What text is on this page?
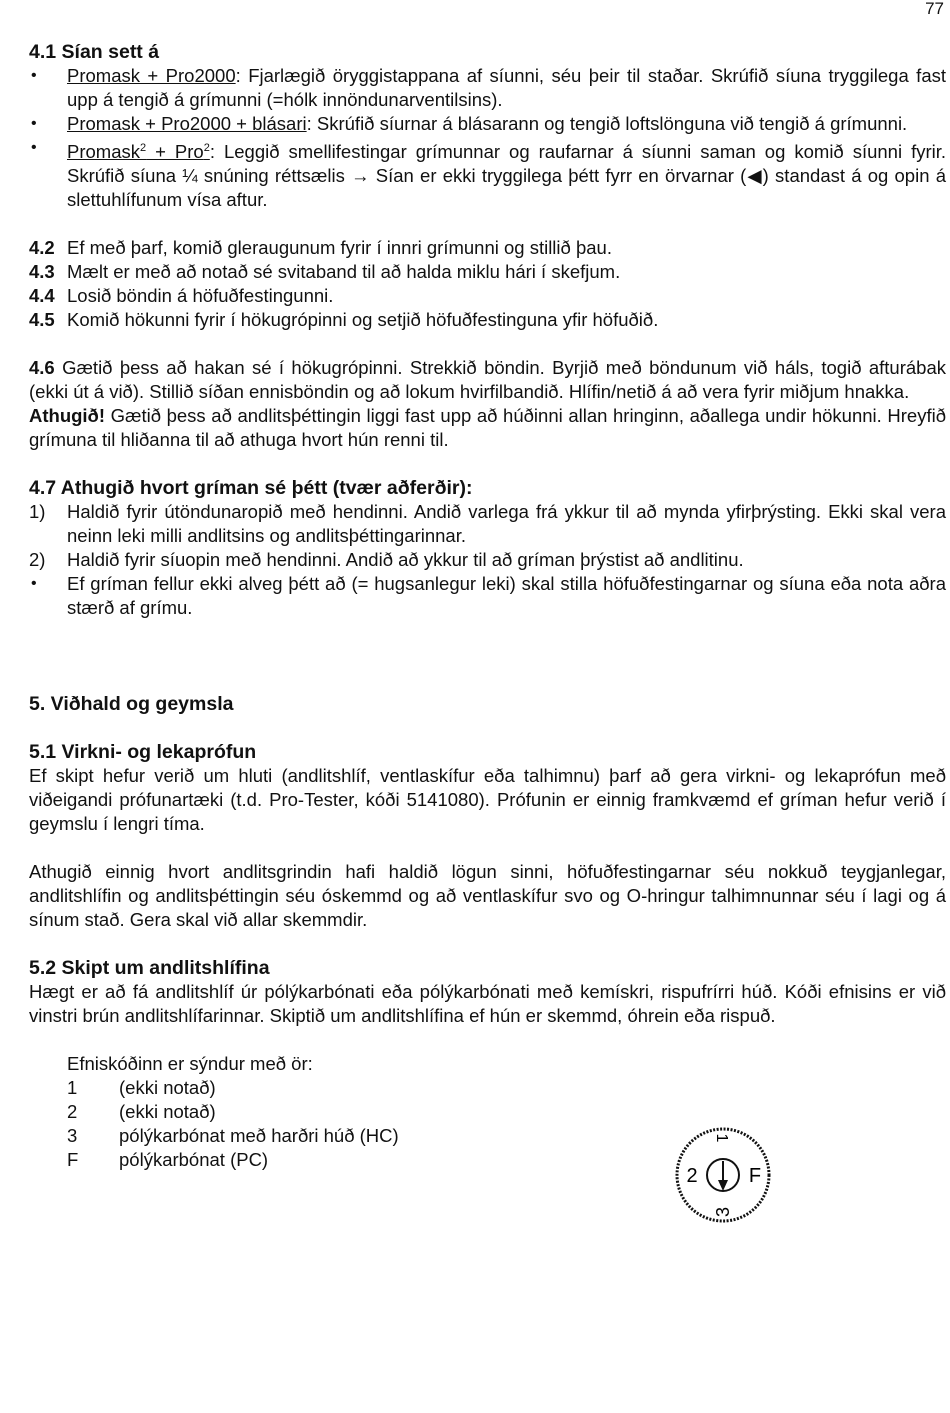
77
4.1 Sían sett á
•	Promask + Pro2000: Fjarlægið öryggistappana af síunni, séu þeir til staðar. Skrúfið síuna tryggilega fast upp á tengið á grímunni (=hólk innöndunarventilsins).
•	Promask + Pro2000 + blásari: Skrúfið síurnar á blásarann og tengið loftslönguna við tengið á grímunni.
•	Promask$^2$ + Pro$^2$: Leggið smellifestingar grímunnar og raufarnar á síunni saman og komið síunni fyrir. Skrúfið síuna ¼ snúning réttsælis → Sían er ekki tryggilega þétt fyrr en örvarnar (◀) standast á og opin á slettuhlífunum vísa aftur.
4.2 Ef með þarf, komið gleraugunum fyrir í innri grímunni og stillið þau.
4.3 Mælt er með að notað sé svitaband til að halda miklu hári í skefjum.
4.4 Losið böndin á höfuðfestingunni.
4.5 Komið hökunni fyrir í hökugrópinni og setjið höfuðfestinguna yfir höfuðið.
4.6 Gætið þess að hakan sé í hökugrópinni. Strekkið böndin. Byrjið með böndunum við háls, togið afturábak (ekki út á við). Stillið síðan ennisböndin og að lokum hvirfilbandið. Hlífin/netið á að vera fyrir miðjum hnakka.
Athugið! Gætið þess að andlitsþéttingin liggi fast upp að húðinni allan hringinn, aðallega undir hökunni. Hreyfið grímuna til hliðanna til að athuga hvort hún renni til.
4.7 Athugið hvort gríman sé þétt (tvær aðferðir):
1)	Haldið fyrir útöndunaropið með hendinni. Andið varlega frá ykkur til að mynda yfirþrýsting. Ekki skal vera neinn leki milli andlitsins og andlitsþéttingarinnar.
2)	Haldið fyrir síuopin með hendinni. Andið að ykkur til að gríman þrýstist að andlitinu.
•	Ef gríman fellur ekki alveg þétt að (= hugsanlegur leki) skal stilla höfuðfestingarnar og síuna eða nota aðra stærð af grímu.
5. Viðhald og geymsla
5.1 Virkni- og lekaprófun
Ef skipt hefur verið um hluti (andlitshlíf, ventlaskífur eða talhimnu) þarf að gera virkni- og lekaprófun með viðeigandi prófunartæki (t.d. Pro-Tester, kóði 5141080). Prófunin er einnig framkvæmd ef gríman hefur verið í geymslu í lengri tíma.
Athugið einnig hvort andlitsgrindin hafi haldið lögun sinni, höfuðfestingarnar séu nokkuð teygjanlegar, andlitshlífin og andlitsþéttingin séu óskemmd og að ventlaskífur svo og O-hringur talhimnunnar séu í lagi og á sínum stað. Gera skal við allar skemmdir.
5.2 Skipt um andlitshlífina
Hægt er að fá andlitshlíf úr pólýkarbónati eða pólýkarbónati með kemískri, rispufrírri húð. Kóði efnisins er við vinstri brún andlitshlífarinnar. Skiptið um andlitshlífina ef hún er skemmd, óhrein eða rispuð.
Efniskóðinn er sýndur með ör:
1 (ekki notað)
2 (ekki notað)
3 pólýkarbónat með harðri húð (HC)
F pólýkarbónat (PC)
1
2	F
3
